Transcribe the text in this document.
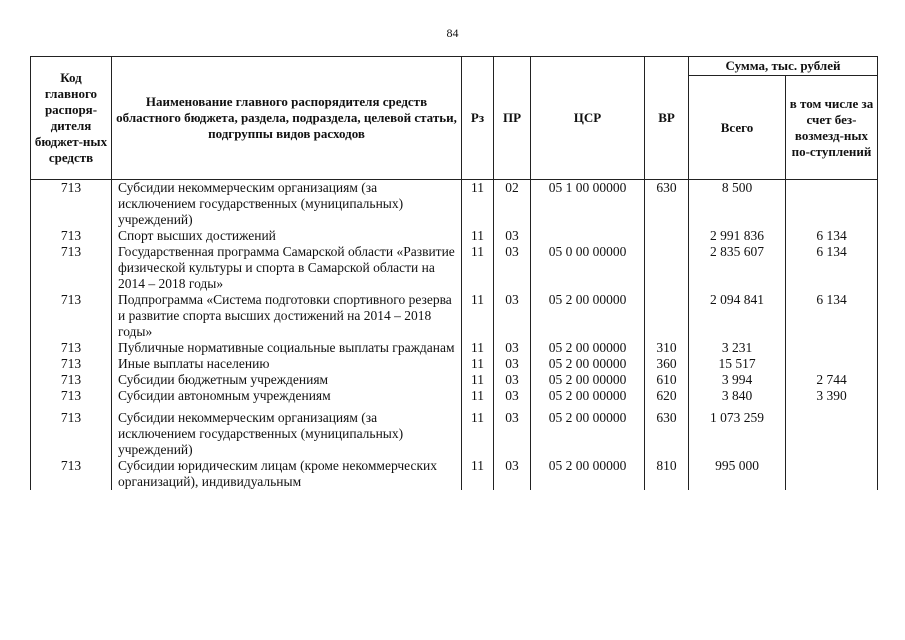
84
Код главного распоря-дителя бюджет-ных средств	Наименование главного распорядителя средств областного бюджета, раздела, подраздела, целевой статьи, подгруппы видов расходов	Рз	ПР	ЦСР	ВР	Сумма, тыс. рублей	
						Всего	в том числе за счет без-возмезд-ных по-ступлений
713	Субсидии некоммерческим организациям (за исключением государственных (муниципальных) учреждений)	11	02	05 1 00 00000	630	8 500	
713	Спорт высших достижений	11	03			2 991 836	6 134
713	Государственная программа Самарской области «Развитие физической культуры и спорта в Самарской области на 2014 – 2018 годы»	11	03	05 0 00 00000		2 835 607	6 134
713	Подпрограмма «Система подготовки спортивного резерва и развитие спорта высших достижений на 2014 – 2018 годы»	11	03	05 2 00 00000		2 094 841	6 134
713	Публичные нормативные социальные выплаты гражданам	11	03	05 2 00 00000	310	3 231	
713	Иные выплаты населению	11	03	05 2 00 00000	360	15 517	
713	Субсидии бюджетным учреждениям	11	03	05 2 00 00000	610	3 994	2 744
713	Субсидии автономным учреждениям	11	03	05 2 00 00000	620	3 840	3 390
713	Субсидии некоммерческим организациям (за исключением государственных (муниципальных) учреждений)	11	03	05 2 00 00000	630	1 073 259	
713	Субсидии юридическим лицам (кроме некоммерческих организаций), индивидуальным	11	03	05 2 00 00000	810	995 000	
